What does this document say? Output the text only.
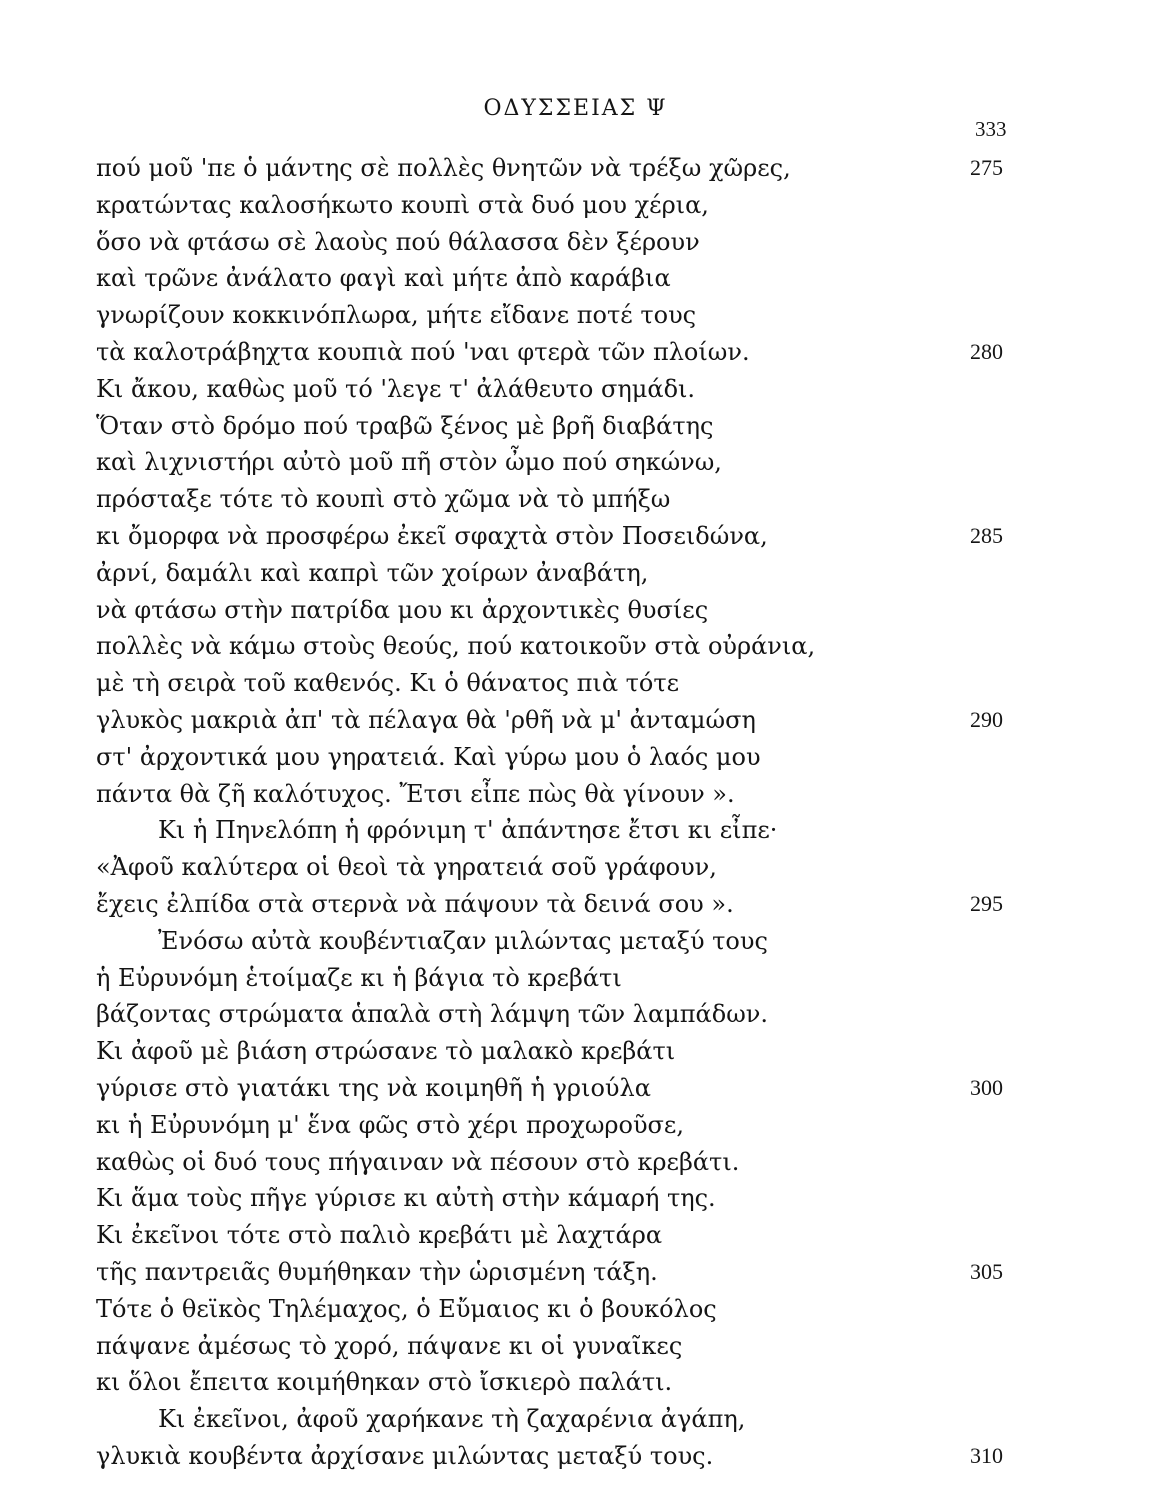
ΟΔΥΣΣΕΙΑΣ Ψ
333
πού μοῦ 'πε ὁ μάντης σὲ πολλὲς θνητῶν νὰ τρέξω χῶρες,	275
κρατώντας καλοσήκωτο κουπὶ στὰ δυό μου χέρια,
ὅσο νὰ φτάσω σὲ λαοὺς πού θάλασσα δὲν ξέρουν
καὶ τρῶνε ἀνάλατο φαγὶ καὶ μήτε ἀπὸ καράβια
γνωρίζουν κοκκινόπλωρα, μήτε εἴδανε ποτέ τους
τὰ καλοτράβηχτα κουπιὰ πού 'ναι φτερὰ τῶν πλοίων.	280
Κι ἄκου, καθὼς μοῦ τό 'λεγε τ' ἀλάθευτο σημάδι.
Ὅταν στὸ δρόμο πού τραβῶ ξένος μὲ βρῆ διαβάτης
καὶ λιχνιστήρι αὐτὸ μοῦ πῆ στὸν ὦμο πού σηκώνω,
πρόσταξε τότε τὸ κουπὶ στὸ χῶμα νὰ τὸ μπήξω
κι ὄμορφα νὰ προσφέρω ἐκεῖ σφαχτὰ στὸν Ποσειδώνα,	285
ἀρνί, δαμάλι καὶ καπρὶ τῶν χοίρων ἀναβάτη,
νὰ φτάσω στὴν πατρίδα μου κι ἀρχοντικὲς θυσίες
πολλὲς νὰ κάμω στοὺς θεούς, πού κατοικοῦν στὰ οὐράνια,
μὲ τὴ σειρὰ τοῦ καθενός. Κι ὁ θάνατος πιὰ τότε
γλυκὸς μακριὰ ἀπ' τὰ πέλαγα θὰ 'ρθῆ νὰ μ' ἀνταμώση	290
στ' ἀρχοντικά μου γηρατειά. Καὶ γύρω μου ὁ λαός μου
πάντα θὰ ζῆ καλότυχος. Ἔτσι εἶπε πὼς θὰ γίνουν ».
Κι ἡ Πηνελόπη ἡ φρόνιμη τ' ἀπάντησε ἔτσι κι εἶπε·
«Ἀφοῦ καλύτερα οἱ θεοὶ τὰ γηρατειά σοῦ γράφουν,
ἔχεις ἐλπίδα στὰ στερνὰ νὰ πάψουν τὰ δεινά σου ».	295
Ἐνόσω αὐτὰ κουβέντιαζαν μιλώντας μεταξύ τους
ἡ Εὐρυνόμη ἑτοίμαζε κι ἡ βάγια τὸ κρεβάτι
βάζοντας στρώματα ἁπαλὰ στὴ λάμψη τῶν λαμπάδων.
Κι ἀφοῦ μὲ βιάση στρώσανε τὸ μαλακὸ κρεβάτι
γύρισε στὸ γιατάκι της νὰ κοιμηθῆ ἡ γριούλα	300
κι ἡ Εὐρυνόμη μ' ἕνα φῶς στὸ χέρι προχωροῦσε,
καθὼς οἱ δυό τους πήγαιναν νὰ πέσουν στὸ κρεβάτι.
Κι ἅμα τοὺς πῆγε γύρισε κι αὐτὴ στὴν κάμαρή της.
Κι ἐκεῖνοι τότε στὸ παλιὸ κρεβάτι μὲ λαχτάρα
τῆς παντρειᾶς θυμήθηκαν τὴν ὡρισμένη τάξη.	305
Τότε ὁ θεϊκὸς Τηλέμαχος, ὁ Εὔμαιος κι ὁ βουκόλος
πάψανε ἀμέσως τὸ χορό, πάψανε κι οἱ γυναῖκες
κι ὅλοι ἔπειτα κοιμήθηκαν στὸ ἴσκιερὸ παλάτι.
Κι ἐκεῖνοι, ἀφοῦ χαρήκανε τὴ ζαχαρένια ἀγάπη,
γλυκιὰ κουβέντα ἀρχίσανε μιλώντας μεταξύ τους.	310
